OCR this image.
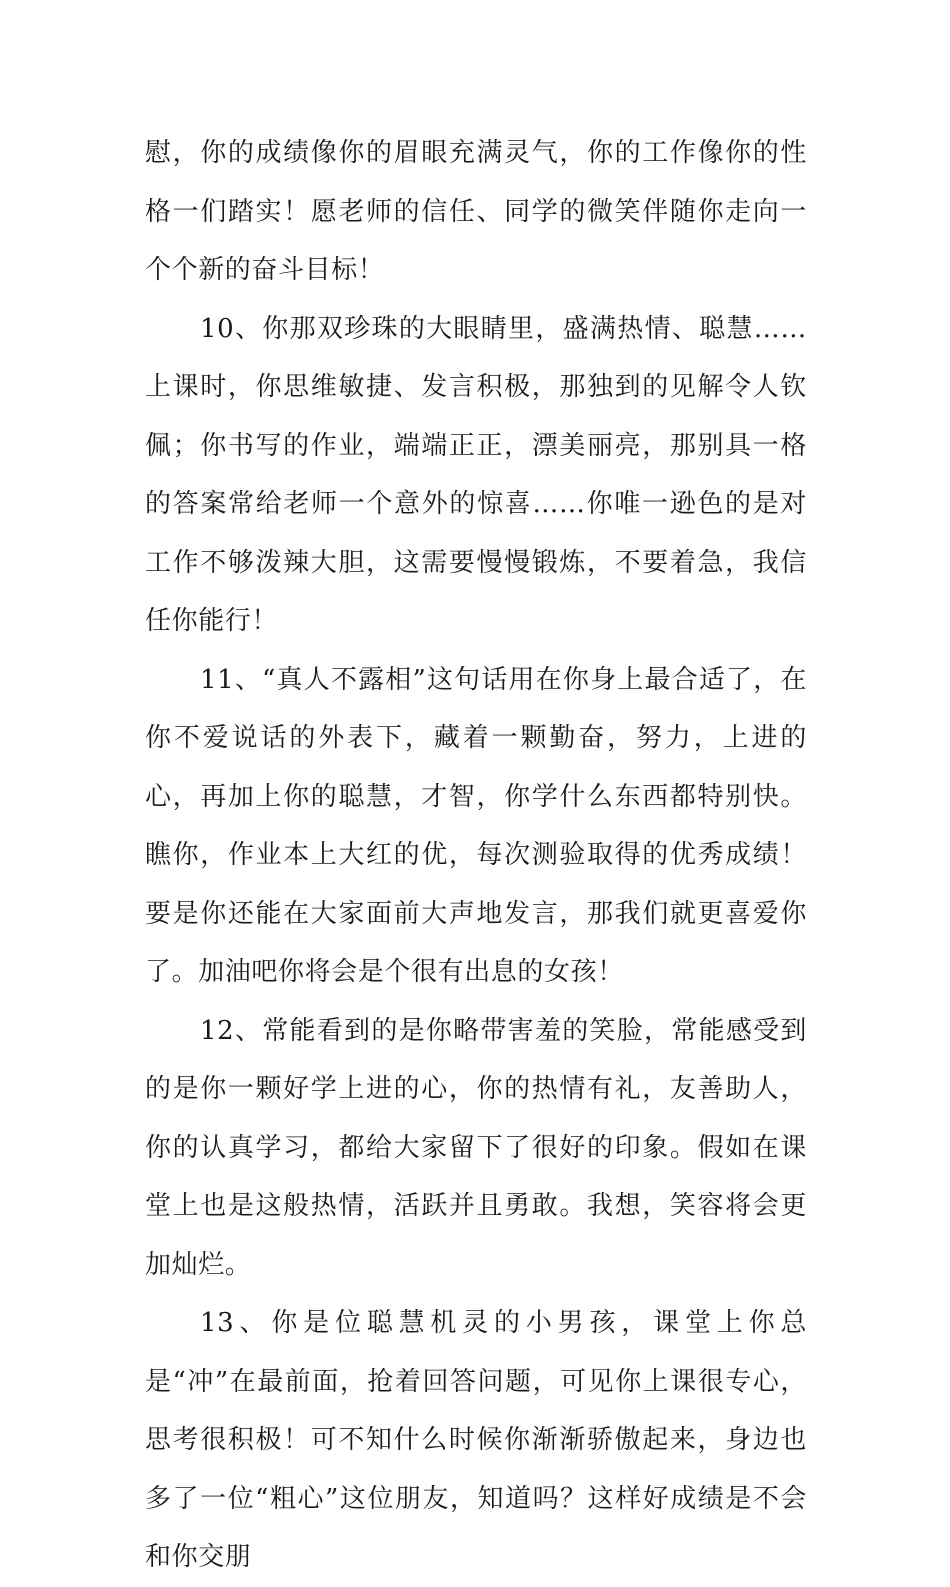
慰，你的成绩像你的眉眼充满灵气，你的工作像你的性格一们踏实！愿老师的信任、同学的微笑伴随你走向一个个新的奋斗目标！

10、你那双珍珠的大眼睛里，盛满热情、聪慧……上课时，你思维敏捷、发言积极，那独到的见解令人钦佩；你书写的作业，端端正正，漂美丽亮，那别具一格的答案常给老师一个意外的惊喜……你唯一逊色的是对工作不够泼辣大胆，这需要慢慢锻炼，不要着急，我信任你能行！

11、“真人不露相”这句话用在你身上最合适了，在你不爱说话的外表下，藏着一颗勤奋，努力，上进的心，再加上你的聪慧，才智，你学什么东西都特别快。瞧你，作业本上大红的优，每次测验取得的优秀成绩！要是你还能在大家面前大声地发言，那我们就更喜爱你了。加油吧你将会是个很有出息的女孩！

12、常能看到的是你略带害羞的笑脸，常能感受到的是你一颗好学上进的心，你的热情有礼，友善助人，你的认真学习，都给大家留下了很好的印象。假如在课堂上也是这般热情，活跃并且勇敢。我想，笑容将会更加灿烂。

13、你是位聪慧机灵的小男孩，课堂上你总是“冲”在最前面，抢着回答问题，可见你上课很专心，思考很积极！可不知什么时候你渐渐骄傲起来，身边也多了一位“粗心”这位朋友，知道吗？这样好成绩是不会和你交朋
